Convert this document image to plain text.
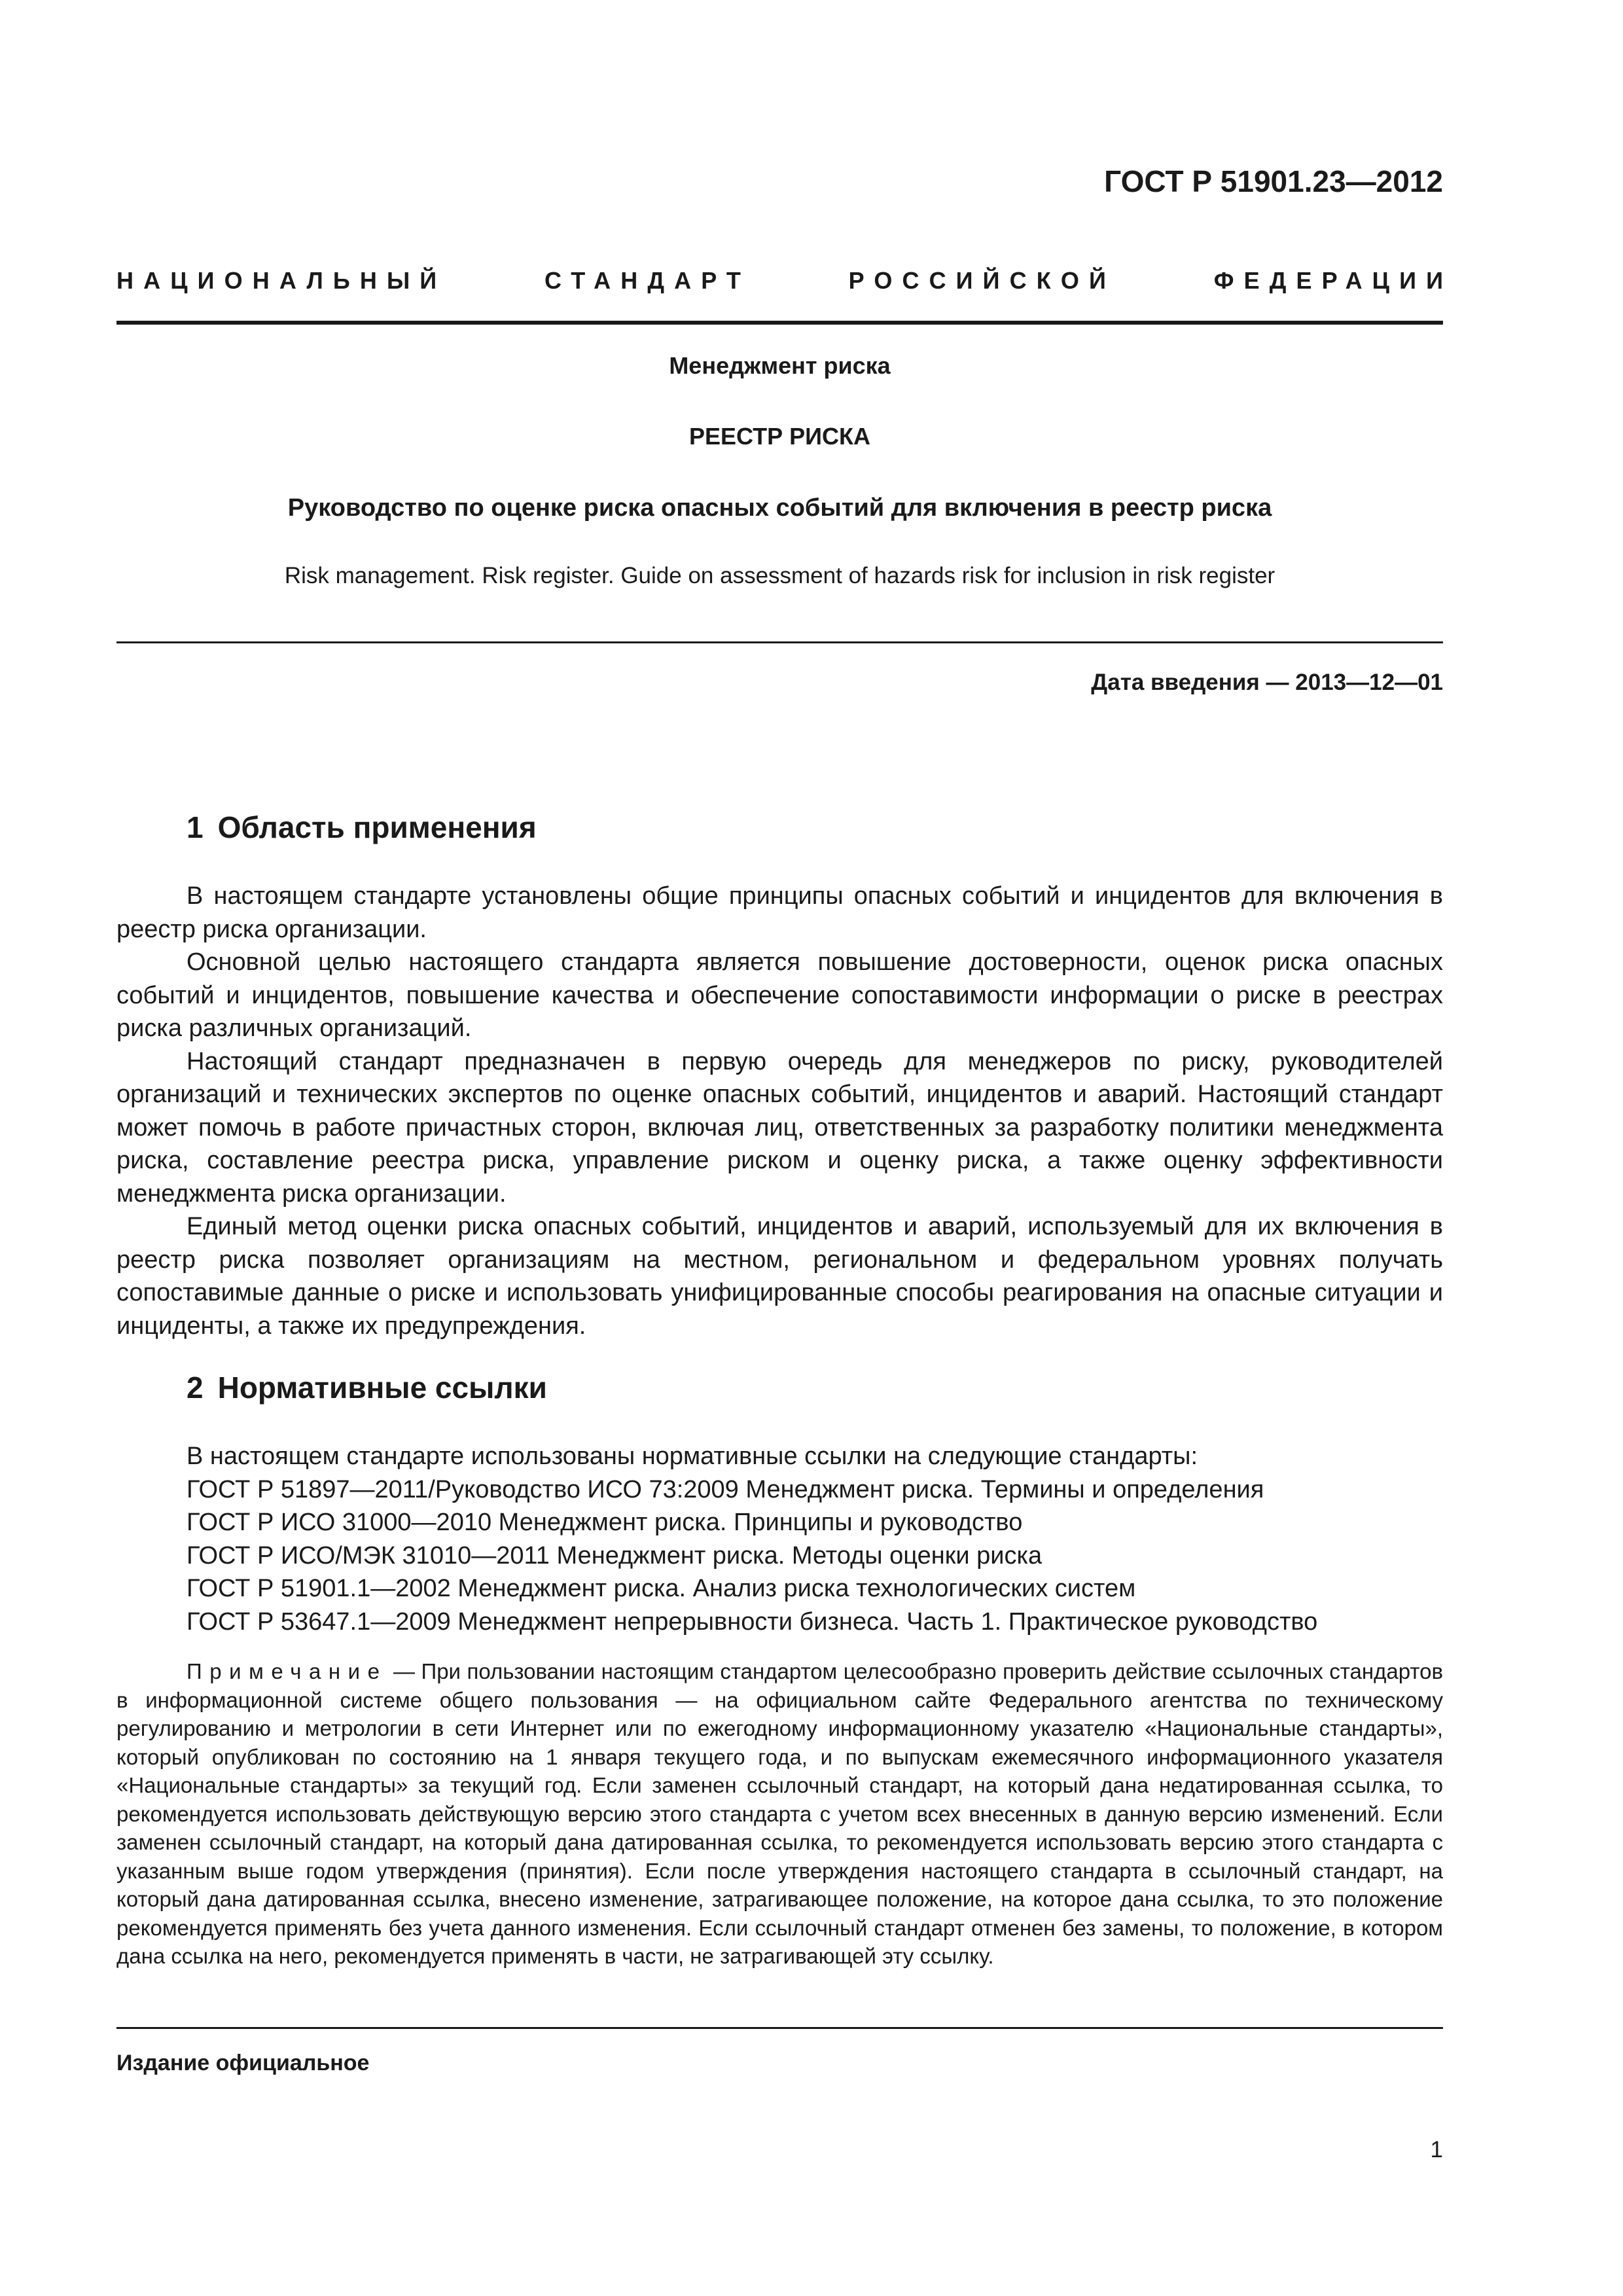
ГОСТ Р 51901.23—2012
НАЦИОНАЛЬНЫЙ	СТАНДАРТ	РОССИЙСКОЙ	ФЕДЕРАЦИИ
Менеджмент риска
РЕЕСТР РИСКА
Руководство по оценке риска опасных событий для включения в реестр риска
Risk management. Risk register. Guide on assessment of hazards risk for inclusion in risk register
Дата введения — 2013—12—01
1 Область применения

В настоящем стандарте установлены общие принципы опасных событий и инцидентов для включения в реестр риска организации.

Основной целью настоящего стандарта является повышение достоверности, оценок риска опасных событий и инцидентов, повышение качества и обеспечение сопоставимости информации о риске в реестрах риска различных организаций.

Настоящий стандарт предназначен в первую очередь для менеджеров по риску, руководителей организаций и технических экспертов по оценке опасных событий, инцидентов и аварий. Настоящий стандарт может помочь в работе причастных сторон, включая лиц, ответственных за разработку политики менеджмента риска, составление реестра риска, управление риском и оценку риска, а также оценку эффективности менеджмента риска организации.

Единый метод оценки риска опасных событий, инцидентов и аварий, используемый для их включения в реестр риска позволяет организациям на местном, региональном и федеральном уровнях получать сопоставимые данные о риске и использовать унифицированные способы реагирования на опасные ситуации и инциденты, а также их предупреждения.

2 Нормативные ссылки
В настоящем стандарте использованы нормативные ссылки на следующие стандарты:
ГОСТ Р 51897—2011/Руководство ИСО 73:2009 Менеджмент риска. Термины и определения
ГОСТ Р ИСО 31000—2010 Менеджмент риска. Принципы и руководство
ГОСТ Р ИСО/МЭК 31010—2011 Менеджмент риска. Методы оценки риска
ГОСТ Р 51901.1—2002 Менеджмент риска. Анализ риска технологических систем
ГОСТ Р 53647.1—2009 Менеджмент непрерывности бизнеса. Часть 1. Практическое руководство

Примечание — При пользовании настоящим стандартом целесообразно проверить действие ссылочных стандартов в информационной системе общего пользования — на официальном сайте Федерального агентства по техническому регулированию и метрологии в сети Интернет или по ежегодному информационному указателю «Национальные стандарты», который опубликован по состоянию на 1 января текущего года, и по выпускам ежемесячного информационного указателя «Национальные стандарты» за текущий год. Если заменен ссылочный стандарт, на который дана недатированная ссылка, то рекомендуется использовать действующую версию этого стандарта с учетом всех внесенных в данную версию изменений. Если заменен ссылочный стандарт, на который дана датированная ссылка, то рекомендуется использовать версию этого стандарта с указанным выше годом утверждения (принятия). Если после утверждения настоящего стандарта в ссылочный стандарт, на который дана датированная ссылка, внесено изменение, затрагивающее положение, на которое дана ссылка, то это положение рекомендуется применять без учета данного изменения. Если ссылочный стандарт отменен без замены, то положение, в котором дана ссылка на него, рекомендуется применять в части, не затрагивающей эту ссылку.

Издание официальное
1
